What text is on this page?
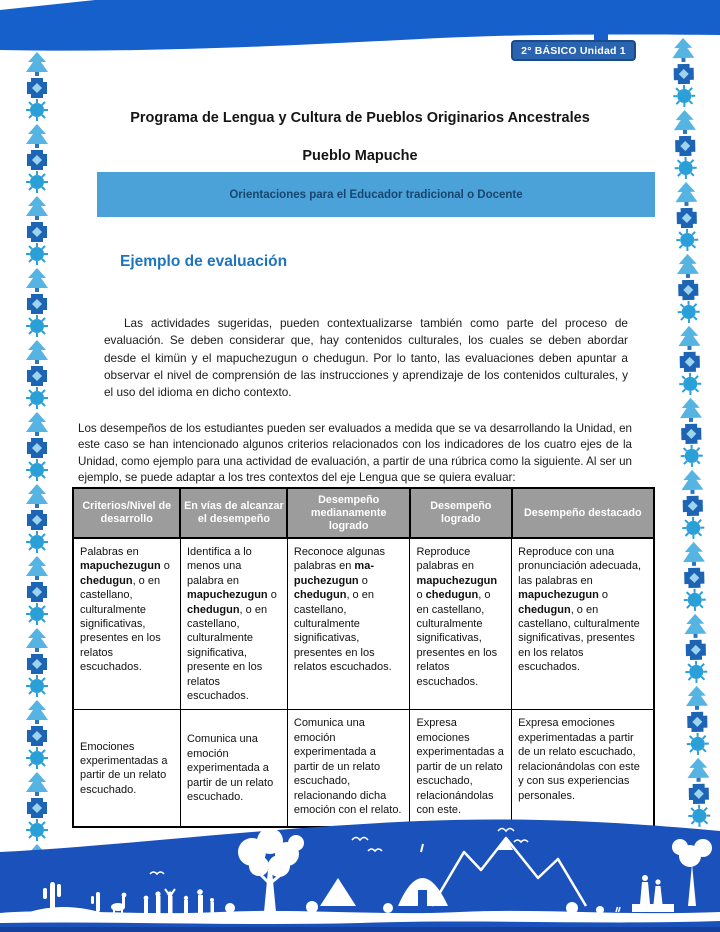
2° BÁSICO Unidad 1
Programa de Lengua y Cultura de Pueblos Originarios Ancestrales
Pueblo Mapuche
Orientaciones para el Educador tradicional o Docente
Ejemplo de evaluación

Las actividades sugeridas, pueden contextualizarse también como parte del proceso de evaluación. Se deben considerar que, hay contenidos culturales, los cuales se deben abordar desde el kimün y el mapuchezugun o chedugun. Por lo tanto, las evaluaciones deben apuntar a observar el nivel de comprensión de las instrucciones y aprendizaje de los contenidos culturales, y el uso del idioma en dicho contexto.

Los desempeños de los estudiantes pueden ser evaluados a medida que se va desarrollando la Unidad, en este caso se han intencionado algunos criterios relacionados con los indicadores de los cuatro ejes de la Unidad, como ejemplo para una actividad de evaluación, a partir de una rúbrica como la siguiente. Al ser un ejemplo, se puede adaptar a los tres contextos del eje Lengua que se quiera evaluar:

Criterios/Nivel de desarrollo	En vías de alcanzar el desempeño	Desempeño medianamente logrado	Desempeño logrado	Desempeño destacado
Palabras en mapuchezugun o chedugun, o en castellano, culturalmente significativas, presentes en los relatos escuchados.	Identifica a lo menos una palabra en mapuchezugun o chedugun, o en castellano, culturalmente significativa, presente en los relatos escuchados.	Reconoce algunas palabras en ma-puchezugun o chedugun, o en castellano, culturalmente significativas, presentes en los relatos escuchados.	Reproduce palabras en mapuchezugun o chedugun, o en castellano, culturalmente significativas, presentes en los relatos escuchados.	Reproduce con una pronunciación adecuada, las palabras en mapuchezugun o chedugun, o en castellano, culturalmente significativas, presentes en los relatos escuchados.
Emociones experimentadas a partir de un relato escuchado.	Comunica una emoción experimentada a partir de un relato escuchado.	Comunica una emoción experimentada a partir de un relato escuchado, relacionando dicha emoción con el relato.	Expresa emociones experimentadas a partir de un relato escuchado, relacionándolas con este.	Expresa emociones experimentadas a partir de un relato escuchado, relacionándolas con este y con sus experiencias personales.
